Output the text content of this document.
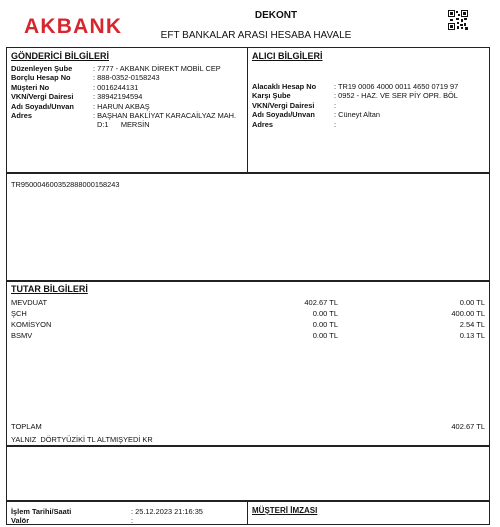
AKBANK	DEKONT
EFT BANKALAR ARASI HESABA HAVALE
GÖNDERİCİ BİLGİLERİ
Düzenleyen Şube	: 7777 - AKBANK DİREKT MOBİL CEP
Borçlu Hesap No	: 888-0352-0158243
Müşteri No	: 0016244131
VKN/Vergi Dairesi	: 38942194594
Adı Soyadı/Unvan	: HARUN AKBAŞ
Adres	: BAŞHAN BAKLİYAT KARACAİLYAZ MAH.
D:1      MERSİN
ALICI BİLGİLERİ
Alacaklı Hesap No	: TR19 0006 4000 0011 4650 0719 97
Karşı Şube	: 0952 - HAZ. VE SER PİY OPR. BÖL
VKN/Vergi Dairesi	:
Adı Soyadı/Unvan	: Cüneyt Altan
Adres	:
TR950004600352888000158243
TUTAR BİLGİLERİ
MEVDUAT	402.67 TL	0.00 TL
ŞCH	0.00 TL	400.00 TL
KOMİSYON	0.00 TL	2.54 TL
BSMV	0.00 TL	0.13 TL
TOPLAM	402.67 TL
YALNIZ  DÖRTYÜZİKİ TL ALTMIŞYEDİ KR
İşlem Tarihi/Saati	: 25.12.2023 21:16:35
Valör	:
MÜŞTERİ İMZASI
